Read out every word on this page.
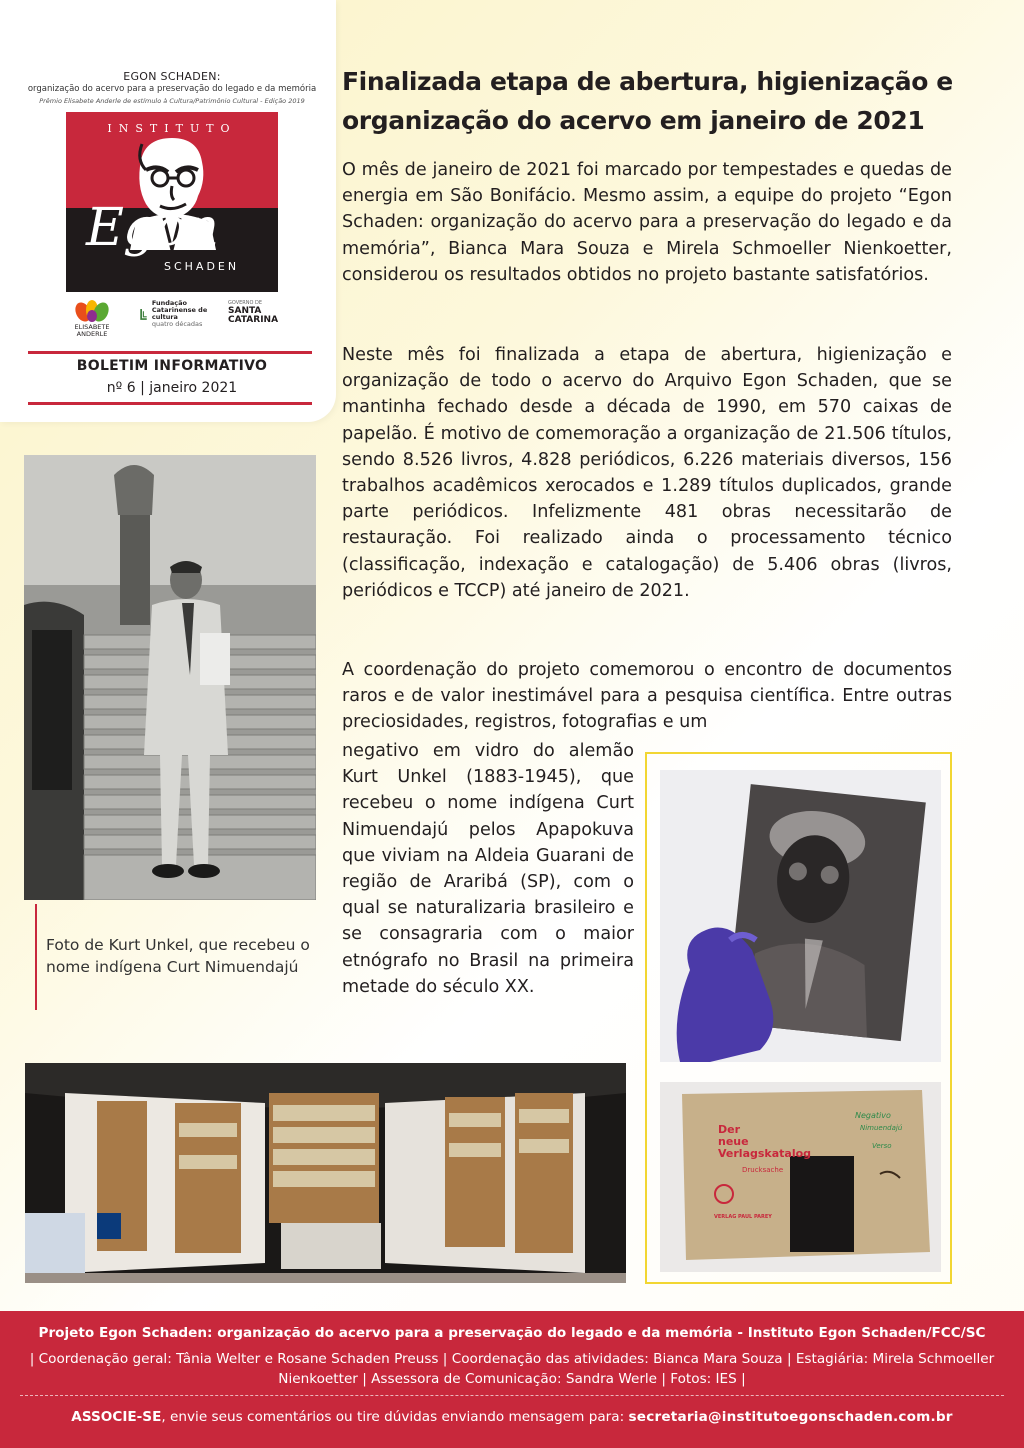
EGON SCHADEN:
organização do acervo para a preservação do legado e da memória
Prêmio Elisabete Anderle de estímulo à Cultura/Patrimônio Cultural - Edição 2019
INSTITUTO
Egon
SCHADEN
ELISABETE ANDERLE
Fundação Catarinense de cultura
quatro décadas
GOVERNO DE
SANTA CATARINA
BOLETIM INFORMATIVO
nº 6 | janeiro 2021
Finalizada etapa de abertura, higienização e organização do acervo em janeiro de 2021

O mês de janeiro de 2021 foi marcado por tempestades e quedas de energia em São Bonifácio. Mesmo assim, a equipe do projeto “Egon Schaden: organização do acervo para a preservação do legado e da memória”, Bianca Mara Souza e Mirela Schmoeller Nienkoetter, considerou os resultados obtidos no projeto bastante satisfatórios.

Neste mês foi finalizada a etapa de abertura, higienização e organização de todo o acervo do Arquivo Egon Schaden, que se mantinha fechado desde a década de 1990, em 570 caixas de papelão. É motivo de comemoração a organização de 21.506 títulos, sendo 8.526 livros, 4.828 periódicos, 6.226 materiais diversos, 156 trabalhos acadêmicos xerocados e 1.289 títulos duplicados, grande parte periódicos. Infelizmente 481 obras necessitarão de restauração. Foi realizado ainda o processamento técnico (classificação, indexação e catalogação) de 5.406 obras (livros, periódicos e TCCP) até janeiro de 2021.

A coordenação do projeto comemorou o encontro de documentos raros e de valor inestimável para a pesquisa científica. Entre outras preciosidades, registros, fotografias e um

negativo em vidro do alemão Kurt Unkel (1883-1945), que recebeu o nome indígena Curt Nimuendajú pelos Apapokuva que viviam na Aldeia Guarani de região de Araribá (SP), com o qual se naturalizaria brasileiro e se consagraria com o maior etnógrafo no Brasil na primeira metade do século XX.

Foto de Kurt Unkel, que recebeu o nome indígena Curt Nimuendajú

Negativo
Nimuendajú
Verso
Der
neue
Verlagskatalog
Drucksache
VERLAG PAUL PAREY
Projeto Egon Schaden: organização do acervo para a preservação do legado e da memória - Instituto Egon Schaden/FCC/SC
| Coordenação geral: Tânia Welter e Rosane Schaden Preuss | Coordenação das atividades: Bianca Mara Souza | Estagiária: Mirela Schmoeller Nienkoetter | Assessora de Comunicação: Sandra Werle | Fotos: IES |
ASSOCIE-SE, envie seus comentários ou tire dúvidas enviando mensagem para: secretaria@institutoegonschaden.com.br
